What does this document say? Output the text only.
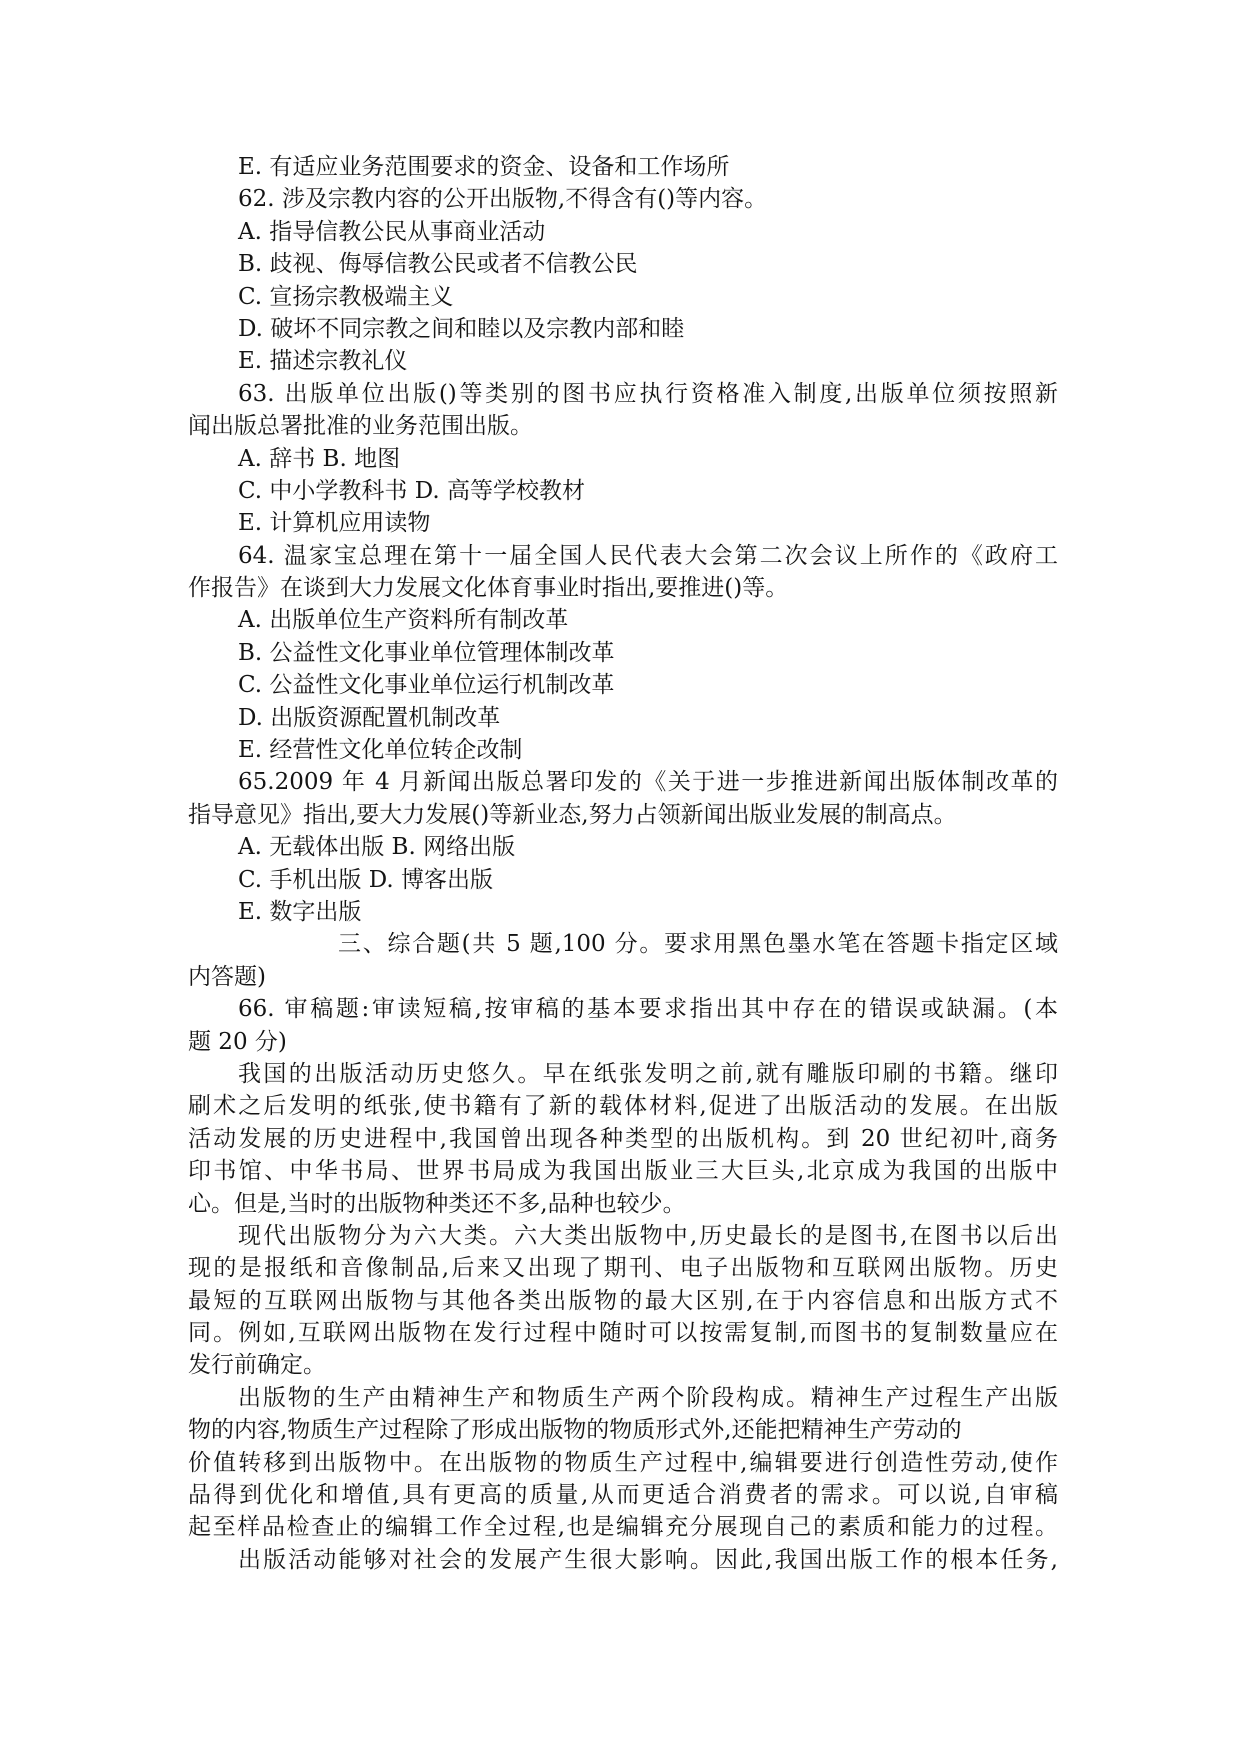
E. 有适应业务范围要求的资金、设备和工作场所
62. 涉及宗教内容的公开出版物,不得含有()等内容。
A. 指导信教公民从事商业活动
B. 歧视、侮辱信教公民或者不信教公民
C. 宣扬宗教极端主义
D. 破坏不同宗教之间和睦以及宗教内部和睦
E. 描述宗教礼仪
63. 出版单位出版()等类别的图书应执行资格准入制度,出版单位须按照新
闻出版总署批准的业务范围出版。
A. 辞书 B. 地图
C. 中小学教科书 D. 高等学校教材
E. 计算机应用读物
64. 温家宝总理在第十一届全国人民代表大会第二次会议上所作的《政府工
作报告》在谈到大力发展文化体育事业时指出,要推进()等。
A. 出版单位生产资料所有制改革
B. 公益性文化事业单位管理体制改革
C. 公益性文化事业单位运行机制改革
D. 出版资源配置机制改革
E. 经营性文化单位转企改制
65.2009 年 4 月新闻出版总署印发的《关于进一步推进新闻出版体制改革的
指导意见》指出,要大力发展()等新业态,努力占领新闻出版业发展的制高点。
A. 无载体出版 B. 网络出版
C. 手机出版 D. 博客出版
E. 数字出版
三、综合题(共 5 题,100 分。要求用黑色墨水笔在答题卡指定区域
内答题)
66. 审稿题:审读短稿,按审稿的基本要求指出其中存在的错误或缺漏。(本
题 20 分)
我国的出版活动历史悠久。早在纸张发明之前,就有雕版印刷的书籍。继印
刷术之后发明的纸张,使书籍有了新的载体材料,促进了出版活动的发展。在出版
活动发展的历史进程中,我国曾出现各种类型的出版机构。到 20 世纪初叶,商务
印书馆、中华书局、世界书局成为我国出版业三大巨头,北京成为我国的出版中
心。但是,当时的出版物种类还不多,品种也较少。
现代出版物分为六大类。六大类出版物中,历史最长的是图书,在图书以后出
现的是报纸和音像制品,后来又出现了期刊、电子出版物和互联网出版物。历史
最短的互联网出版物与其他各类出版物的最大区别,在于内容信息和出版方式不
同。例如,互联网出版物在发行过程中随时可以按需复制,而图书的复制数量应在
发行前确定。
出版物的生产由精神生产和物质生产两个阶段构成。精神生产过程生产出版
物的内容,物质生产过程除了形成出版物的物质形式外,还能把精神生产劳动的
价值转移到出版物中。在出版物的物质生产过程中,编辑要进行创造性劳动,使作
品得到优化和增值,具有更高的质量,从而更适合消费者的需求。可以说,自审稿
起至样品检查止的编辑工作全过程,也是编辑充分展现自己的素质和能力的过程。
出版活动能够对社会的发展产生很大影响。因此,我国出版工作的根本任务,
